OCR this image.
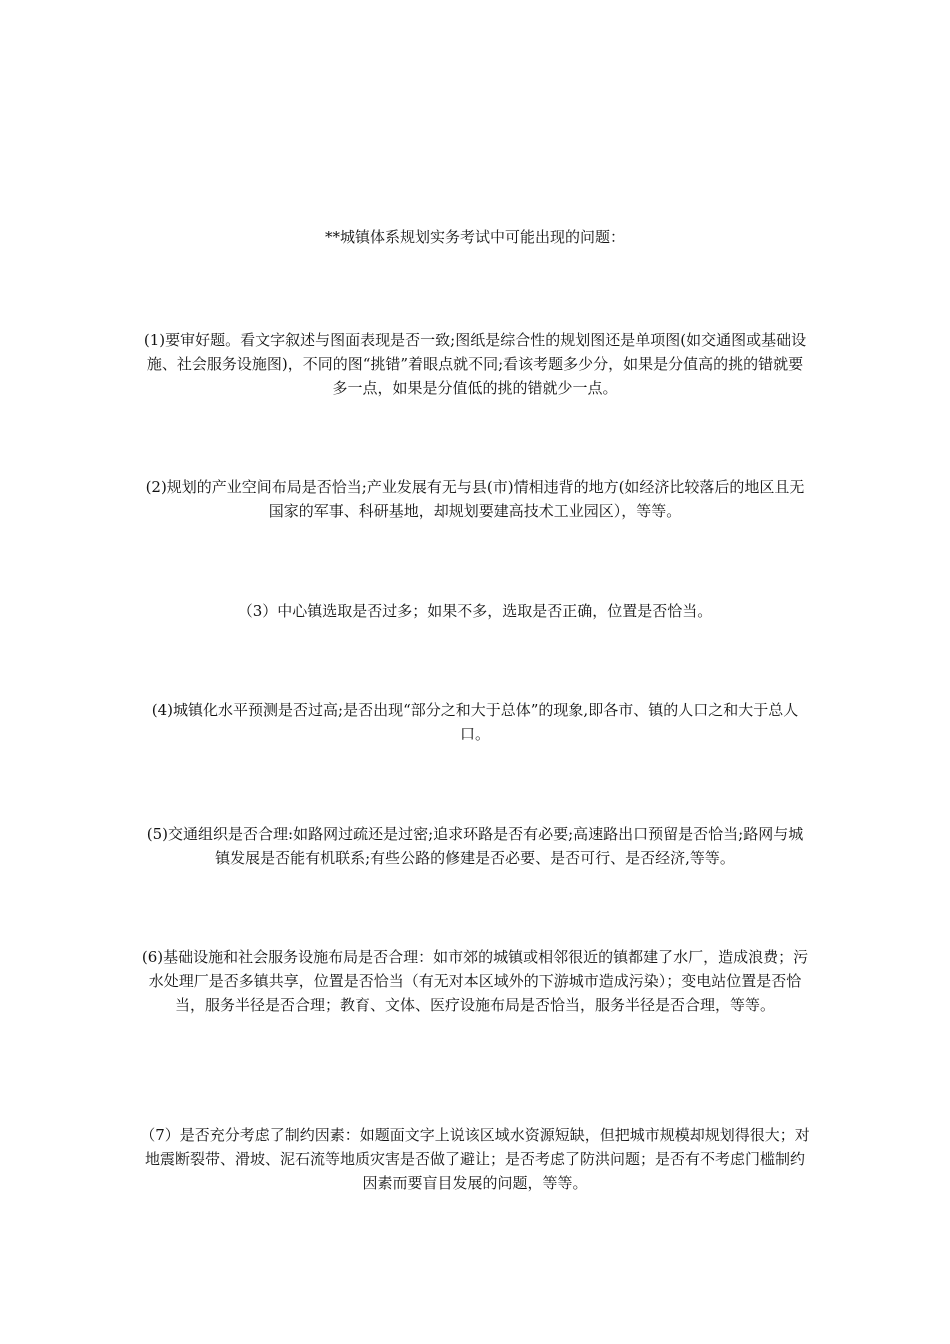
**城镇体系规划实务考试中可能出现的问题：
(1)要审好题。看文字叙述与图面表现是否一致;图纸是综合性的规划图还是单项图(如交通图或基础设施、社会服务设施图)，不同的图“挑错”着眼点就不同;看该考题多少分，如果是分值高的挑的错就要多一点，如果是分值低的挑的错就少一点。
(2)规划的产业空间布局是否恰当;产业发展有无与县(市)情相违背的地方(如经济比较落后的地区且无国家的军事、科研基地，却规划要建高技术工业园区），等等。
（3）中心镇选取是否过多；如果不多，选取是否正确，位置是否恰当。
(4)城镇化水平预测是否过高;是否出现“部分之和大于总体”的现象,即各市、镇的人口之和大于总人口。
(5)交通组织是否合理:如路网过疏还是过密;追求环路是否有必要;高速路出口预留是否恰当;路网与城镇发展是否能有机联系;有些公路的修建是否必要、是否可行、是否经济,等等。
(6)基础设施和社会服务设施布局是否合理：如市郊的城镇或相邻很近的镇都建了水厂，造成浪费；污水处理厂是否多镇共享，位置是否恰当（有无对本区域外的下游城市造成污染）；变电站位置是否恰当，服务半径是否合理；教育、文体、医疗设施布局是否恰当，服务半径是否合理，等等。
（7）是否充分考虑了制约因素：如题面文字上说该区域水资源短缺，但把城市规模却规划得很大；对地震断裂带、滑坡、泥石流等地质灾害是否做了避让；是否考虑了防洪问题；是否有不考虑门槛制约因素而要盲目发展的问题，等等。
